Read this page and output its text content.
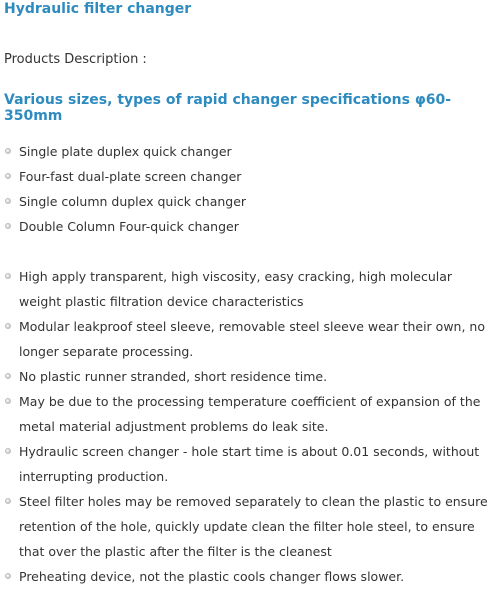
Hydraulic filter changer

Products Description :

Various sizes, types of rapid changer specifications φ60-350mm
Single plate duplex quick changer
Four-fast dual-plate screen changer
Single column duplex quick changer
Double Column Four-quick changer
High apply transparent, high viscosity, easy cracking, high molecular weight plastic filtration device characteristics
Modular leakproof steel sleeve, removable steel sleeve wear their own, no longer separate processing.
No plastic runner stranded, short residence time.
May be due to the processing temperature coefficient of expansion of the metal material adjustment problems do leak site.
Hydraulic screen changer - hole start time is about 0.01 seconds, without interrupting production.
Steel filter holes may be removed separately to clean the plastic to ensure retention of the hole, quickly update clean the filter hole steel, to ensure that over the plastic after the filter is the cleanest
Preheating device, not the plastic cools changer flows slower.
